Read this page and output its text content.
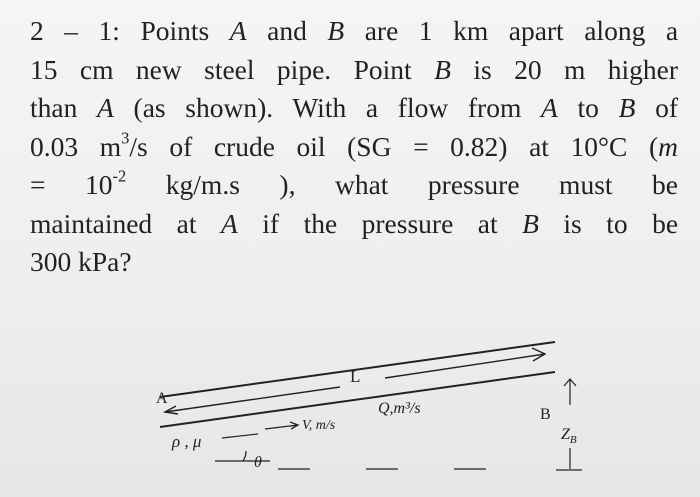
2 – 1: Points A and B are 1 km apart along a
15 cm new steel pipe. Point B is 20 m higher
than A (as shown). With a flow from A to B of
0.03 $m^3/s$ of crude oil (SG = 0.82) at 10°C (m
= $10^{-2}$ kg/m.s ), what pressure must be
maintained at A if the pressure at B is to be
300 kPa?
L
A
B
Q,m³/s
V, m/s
ρ , μ
θ
$Z_B$
